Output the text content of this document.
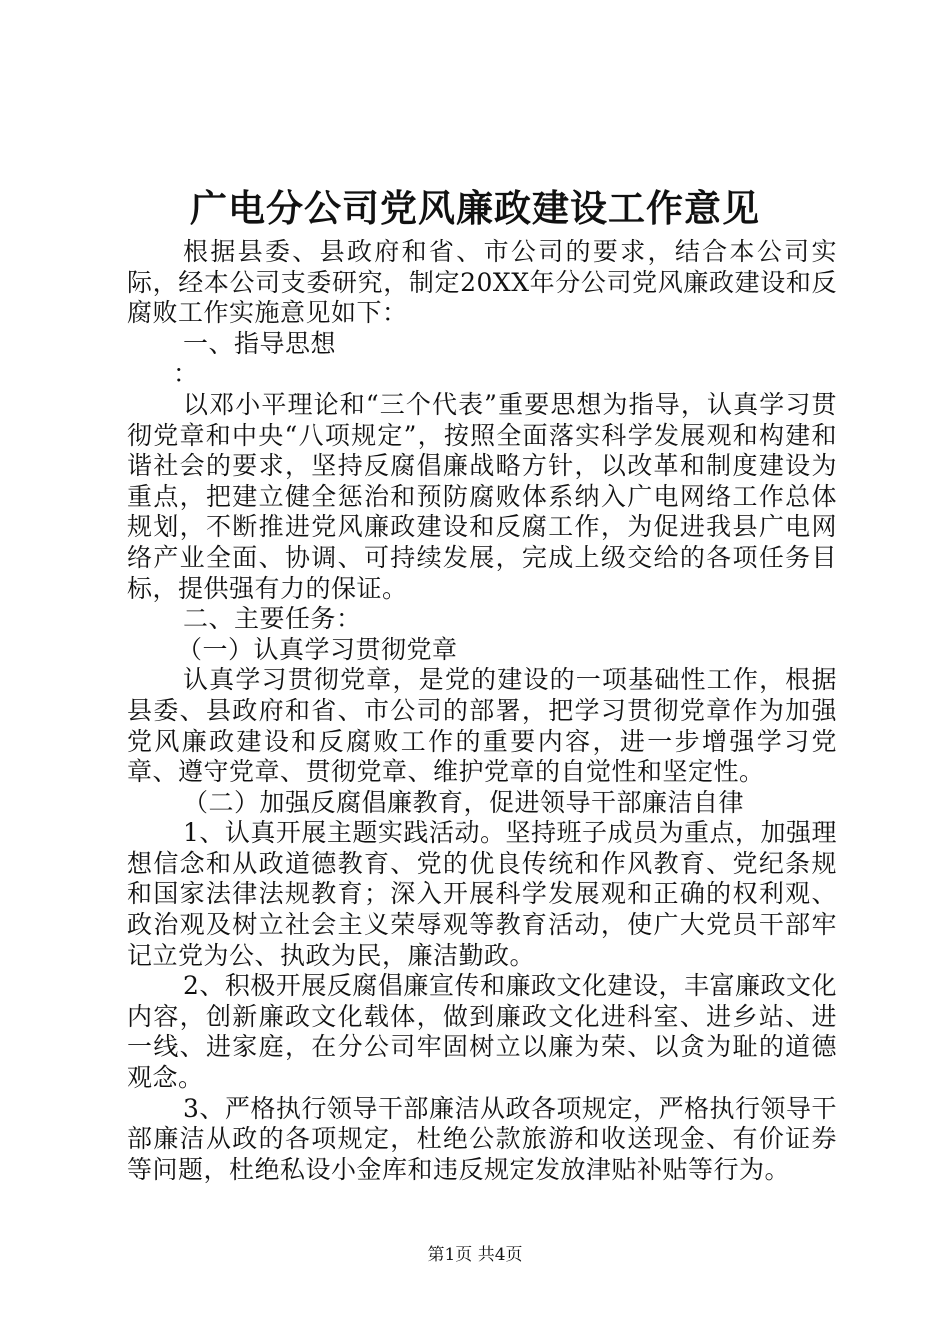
广电分公司党风廉政建设工作意见

根据县委、县政府和省、市公司的要求，结合本公司实际，经本公司支委研究，制定20XX年分公司党风廉政建设和反腐败工作实施意见如下：

一、指导思想

：

以邓小平理论和“三个代表”重要思想为指导，认真学习贯彻党章和中央“八项规定”，按照全面落实科学发展观和构建和谐社会的要求，坚持反腐倡廉战略方针，以改革和制度建设为重点，把建立健全惩治和预防腐败体系纳入广电网络工作总体规划，不断推进党风廉政建设和反腐工作，为促进我县广电网络产业全面、协调、可持续发展，完成上级交给的各项任务目标，提供强有力的保证。

二、主要任务：

（一）认真学习贯彻党章

认真学习贯彻党章，是党的建设的一项基础性工作，根据县委、县政府和省、市公司的部署，把学习贯彻党章作为加强党风廉政建设和反腐败工作的重要内容，进一步增强学习党章、遵守党章、贯彻党章、维护党章的自觉性和坚定性。

（二）加强反腐倡廉教育，促进领导干部廉洁自律

1、认真开展主题实践活动。坚持班子成员为重点，加强理想信念和从政道德教育、党的优良传统和作风教育、党纪条规和国家法律法规教育；深入开展科学发展观和正确的权利观、政治观及树立社会主义荣辱观等教育活动，使广大党员干部牢记立党为公、执政为民，廉洁勤政。

2、积极开展反腐倡廉宣传和廉政文化建设，丰富廉政文化内容，创新廉政文化载体，做到廉政文化进科室、进乡站、进一线、进家庭，在分公司牢固树立以廉为荣、以贪为耻的道德观念。

3、严格执行领导干部廉洁从政各项规定，严格执行领导干部廉洁从政的各项规定，杜绝公款旅游和收送现金、有价证券等问题，杜绝私设小金库和违反规定发放津贴补贴等行为。

第1页 共4页
